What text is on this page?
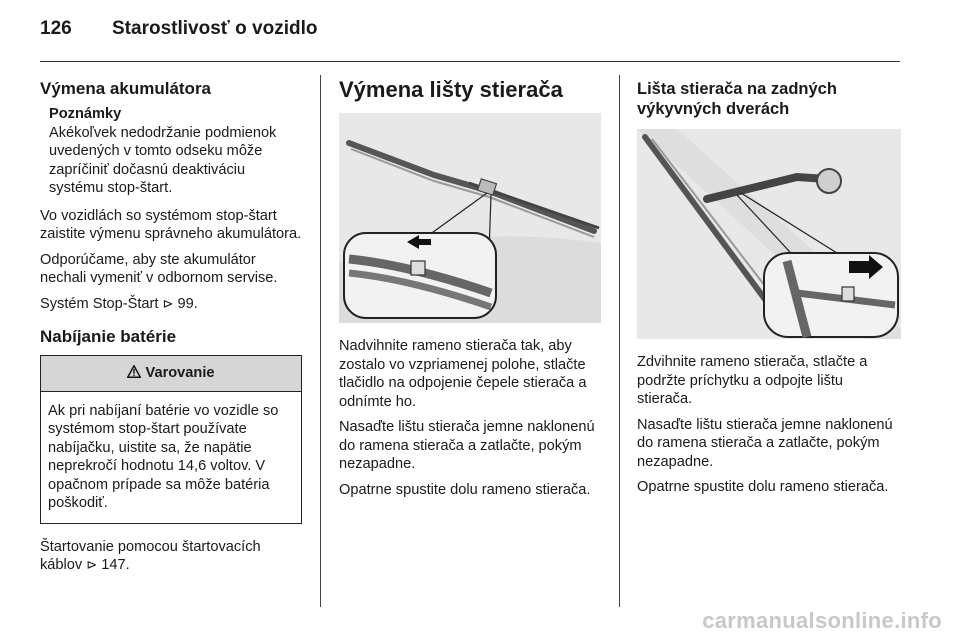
126 Starostlivosť o vozidlo
Výmena akumulátora
Poznámky
Akékoľvek nedodržanie podmienok uvedených v tomto odseku môže zapríčiniť dočasnú deaktiváciu systému stop-štart.

Vo vozidlách so systémom stop-štart zaistite výmenu správneho akumulátora.

Odporúčame, aby ste akumulátor nechali vymeniť v odbornom servise.

Systém Stop-Štart ⊳ 99.

Nabíjanie batérie
Varovanie
Ak pri nabíjaní batérie vo vozidle so systémom stop-štart používate nabíjačku, uistite sa, že napätie neprekročí hodnotu 14,6 voltov. V opačnom prípade sa môže batéria poškodiť.

Štartovanie pomocou štartovacích káblov ⊳ 147.

Výmena lišty stierača

Nadvihnite rameno stierača tak, aby zostalo vo vzpriamenej polohe, stlačte tlačidlo na odpojenie čepele stierača a odnímte ho.

Nasaďte lištu stierača jemne naklonenú do ramena stierača a zatlačte, pokým nezapadne.

Opatrne spustite dolu rameno stierača.

Lišta stierača na zadných výkyvných dverách

Zdvihnite rameno stierača, stlačte a podržte príchytku a odpojte lištu stierača.

Nasaďte lištu stierača jemne naklonenú do ramena stierača a zatlačte, pokým nezapadne.

Opatrne spustite dolu rameno stierača.

carmanualsonline.info
